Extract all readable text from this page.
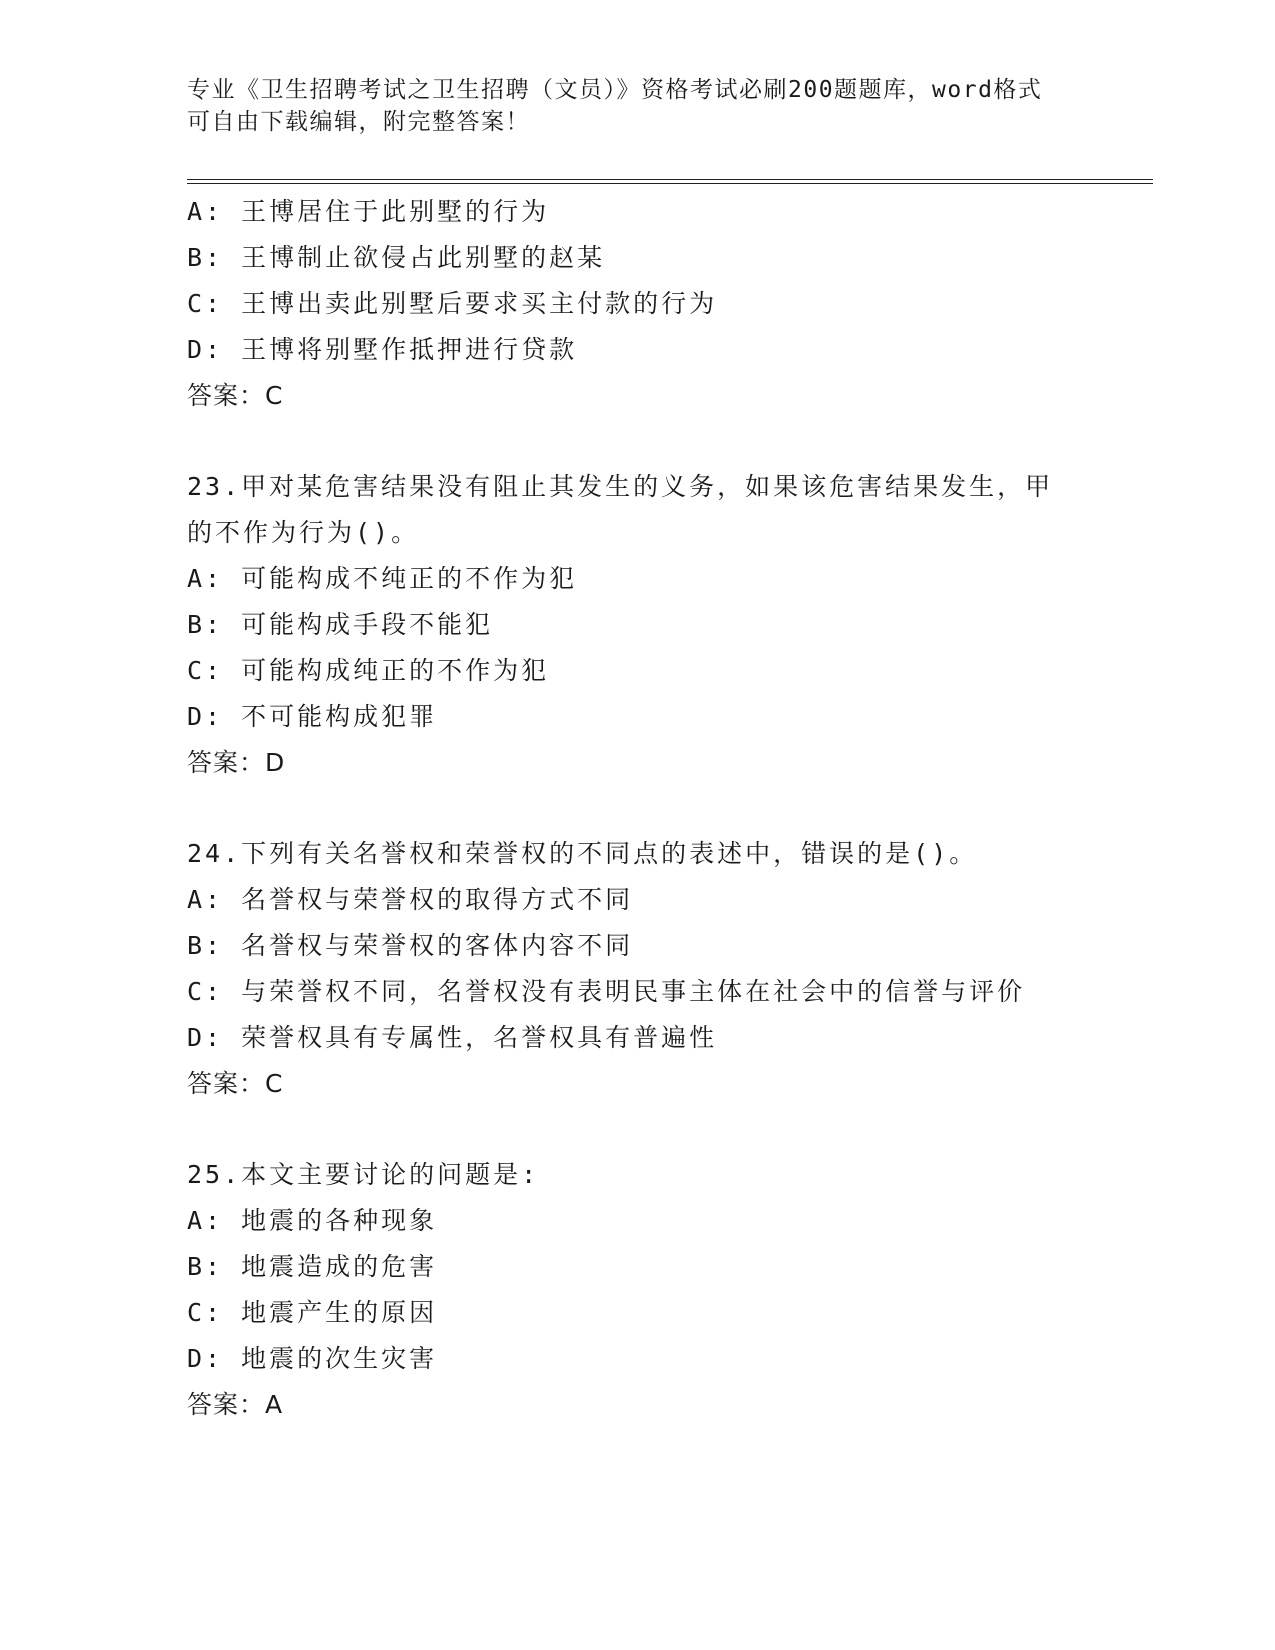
专业《卫生招聘考试之卫生招聘（文员）》资格考试必刷200题题库，word格式
可自由下载编辑，附完整答案！
A: 王博居住于此别墅的行为
B: 王博制止欲侵占此别墅的赵某
C: 王博出卖此别墅后要求买主付款的行为
D: 王博将别墅作抵押进行贷款
答案：C
23.甲对某危害结果没有阻止其发生的义务，如果该危害结果发生，甲
的不作为行为()。
A: 可能构成不纯正的不作为犯
B: 可能构成手段不能犯
C: 可能构成纯正的不作为犯
D: 不可能构成犯罪
答案：D
24.下列有关名誉权和荣誉权的不同点的表述中，错误的是()。
A: 名誉权与荣誉权的取得方式不同
B: 名誉权与荣誉权的客体内容不同
C: 与荣誉权不同，名誉权没有表明民事主体在社会中的信誉与评价
D: 荣誉权具有专属性，名誉权具有普遍性
答案：C
25.本文主要讨论的问题是:
A: 地震的各种现象
B: 地震造成的危害
C: 地震产生的原因
D: 地震的次生灾害
答案：A
